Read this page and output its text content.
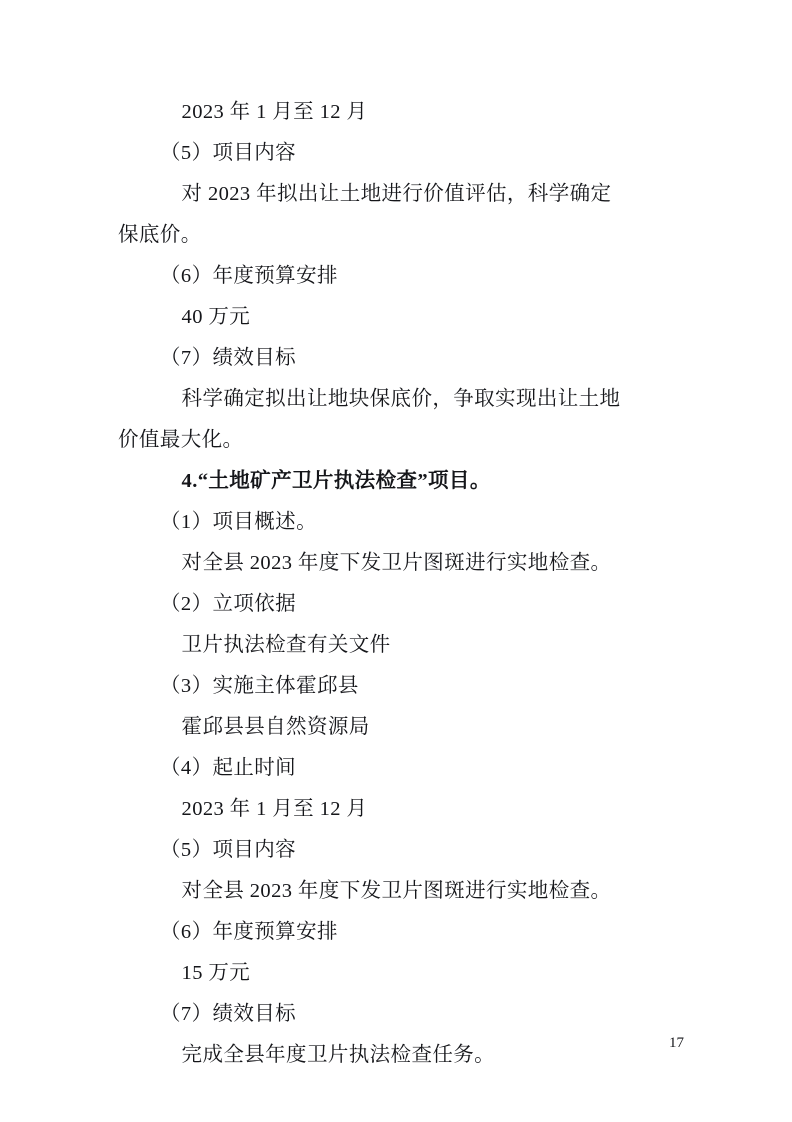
2023 年 1 月至 12 月

（5）项目内容

对 2023 年拟出让土地进行价值评估，科学确定

保底价。

（6）年度预算安排

40 万元

（7）绩效目标

科学确定拟出让地块保底价，争取实现出让土地

价值最大化。

4.“土地矿产卫片执法检查”项目。

（1）项目概述。

对全县 2023 年度下发卫片图斑进行实地检查。

（2）立项依据

卫片执法检查有关文件

（3）实施主体霍邱县

霍邱县县自然资源局

（4）起止时间

2023 年 1 月至 12 月

（5）项目内容

对全县 2023 年度下发卫片图斑进行实地检查。

（6）年度预算安排

15 万元

（7）绩效目标

完成全县年度卫片执法检查任务。

17
